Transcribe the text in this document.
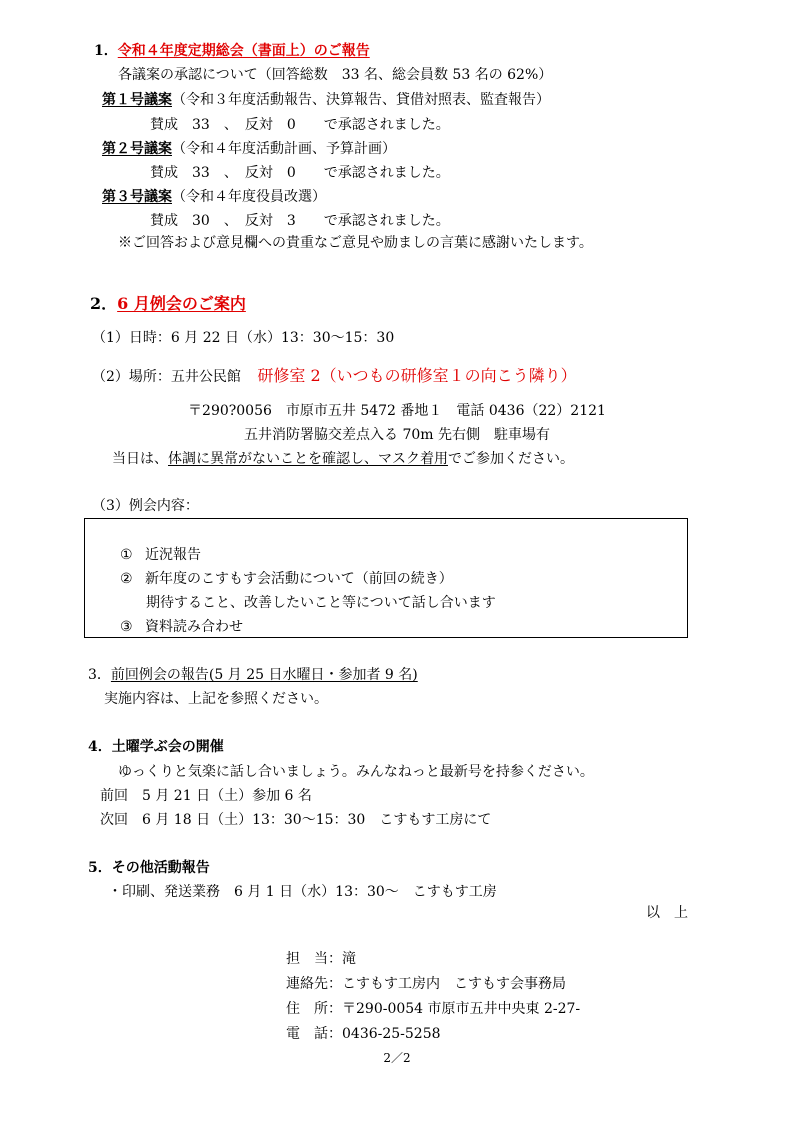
1．令和４年度定期総会（書面上）のご報告
各議案の承認について（回答総数　33 名、総会員数 53 名の 62%）
第１号議案（令和３年度活動報告、決算報告、貸借対照表、監査報告）
賛成　33　、　反対　0　　で承認されました。
第２号議案（令和４年度活動計画、予算計画）
賛成　33　、　反対　0　　で承認されました。
第３号議案（令和４年度役員改選）
賛成　30　、　反対　3　　で承認されました。
※ご回答および意見欄への貴重なご意見や励ましの言葉に感謝いたします。
2．6 月例会のご案内
（1）日時：6 月 22 日（水）13：30～15：30
（2）場所：五井公民館 研修室 2（いつもの研修室１の向こう隣り）
〒290?0056　市原市五井 5472 番地１　電話 0436（22）2121
五井消防署脇交差点入る 70m 先右側　駐車場有
当日は、体調に異常がないことを確認し、マスク着用でご参加ください。
（3）例会内容：
① 近況報告
② 新年度のこすもす会活動について（前回の続き）
期待すること、改善したいこと等について話し合います
③ 資料読み合わせ
3．前回例会の報告(5 月 25 日水曜日・参加者 9 名)
実施内容は、上記を参照ください。
4．土曜学ぶ会の開催
ゆっくりと気楽に話し合いましょう。みんなねっと最新号を持参ください。
前回　5 月 21 日（土）参加 6 名
次回　6 月 18 日（土）13：30～15：30　こすもす工房にて
5．その他活動報告
・印刷、発送業務　6 月 1 日（水）13：30～　こすもす工房
以　上
担　当：滝
連絡先：こすもす工房内　こすもす会事務局
住　所：〒290-0054 市原市五井中央東 2-27-
電　話：0436-25-5258
2／2
